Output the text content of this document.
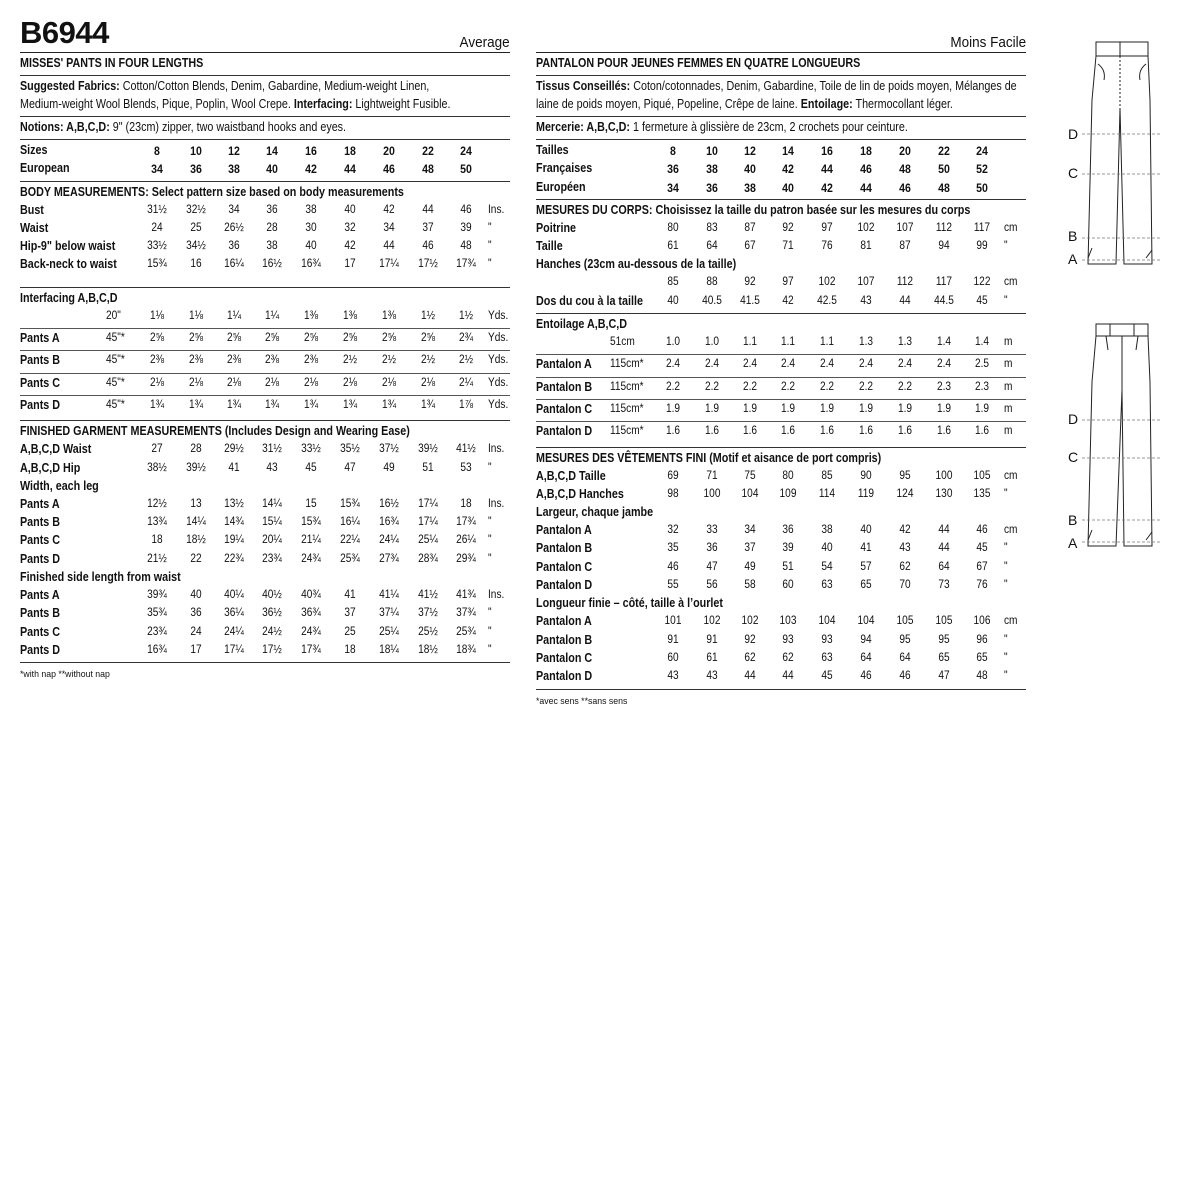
B6944	Average
MISSES' PANTS IN FOUR LENGTHS
Suggested Fabrics: Cotton/Cotton Blends, Denim, Gabardine, Medium-weight Linen,
Medium-weight Wool Blends, Pique, Poplin, Wool Crepe. Interfacing: Lightweight Fusible.
Notions: A,B,C,D: 9" (23cm) zipper, two waistband hooks and eyes.
Sizes	8	10	12	14	16	18	20	22	24
European	34	36	38	40	42	44	46	48	50
BODY MEASUREMENTS: Select pattern size based on body measurements
Bust	31½	32½	34	36	38	40	42	44	46	Ins.
Waist	24	25	26½	28	30	32	34	37	39	"
Hip-9" below waist	33½	34½	36	38	40	42	44	46	48	"
Back-neck to waist	15¾	16	16¼	16½	16¾	17	17¼	17½	17¾	"
Interfacing A,B,C,D
20"	1⅛	1⅛	1¼	1¼	1⅜	1⅜	1⅜	1½	1½	Yds.
Pants A	45"*	2⅝	2⅝	2⅝	2⅝	2⅝	2⅝	2⅝	2⅝	2¾	Yds.
Pants B	45"*	2⅜	2⅜	2⅜	2⅜	2⅜	2½	2½	2½	2½	Yds.
Pants C	45"*	2⅛	2⅛	2⅛	2⅛	2⅛	2⅛	2⅛	2⅛	2¼	Yds.
Pants D	45"*	1¾	1¾	1¾	1¾	1¾	1¾	1¾	1¾	1⅞	Yds.
FINISHED GARMENT MEASUREMENTS (Includes Design and Wearing Ease)
A,B,C,D Waist	27	28	29½	31½	33½	35½	37½	39½	41½	Ins.
A,B,C,D Hip	38½	39½	41	43	45	47	49	51	53	"
Width, each leg
Pants A	12½	13	13½	14¼	15	15¾	16½	17¼	18	Ins.
Pants B	13¾	14¼	14¾	15¼	15¾	16¼	16¾	17¼	17¾	"
Pants C	18	18½	19¼	20¼	21¼	22¼	24¼	25¼	26¼	"
Pants D	21½	22	22¾	23¾	24¾	25¾	27¾	28¾	29¾	"
Finished side length from waist
Pants A	39¾	40	40¼	40½	40¾	41	41¼	41½	41¾	Ins.
Pants B	35¾	36	36¼	36½	36¾	37	37¼	37½	37¾	"
Pants C	23¾	24	24¼	24½	24¾	25	25¼	25½	25¾	"
Pants D	16¾	17	17¼	17½	17¾	18	18¼	18½	18¾	"
*with nap **without nap
Moins Facile
PANTALON POUR JEUNES FEMMES EN QUATRE LONGUEURS
Tissus Conseillés: Coton/cotonnades, Denim, Gabardine, Toile de lin de poids moyen, Mélanges de
laine de poids moyen, Piqué, Popeline, Crêpe de laine. Entoilage: Thermocollant léger.
Mercerie: A,B,C,D: 1 fermeture à glissière de 23cm, 2 crochets pour ceinture.
Tailles	8	10	12	14	16	18	20	22	24
Françaises	36	38	40	42	44	46	48	50	52
Européen	34	36	38	40	42	44	46	48	50
MESURES DU CORPS: Choisissez la taille du patron basée sur les mesures du corps
Poitrine	80	83	87	92	97	102	107	112	117	cm
Taille	61	64	67	71	76	81	87	94	99	"
Hanches (23cm au-dessous de la taille)
85	88	92	97	102	107	112	117	122	cm
Dos du cou à la taille	40	40.5	41.5	42	42.5	43	44	44.5	45	"
Entoilage A,B,C,D
51cm	1.0	1.0	1.1	1.1	1.1	1.3	1.3	1.4	1.4	m
Pantalon A 115cm*	2.4	2.4	2.4	2.4	2.4	2.4	2.4	2.4	2.5	m
Pantalon B 115cm*	2.2	2.2	2.2	2.2	2.2	2.2	2.2	2.3	2.3	m
Pantalon C 115cm*	1.9	1.9	1.9	1.9	1.9	1.9	1.9	1.9	1.9	m
Pantalon D 115cm*	1.6	1.6	1.6	1.6	1.6	1.6	1.6	1.6	1.6	m
MESURES DES VÊTEMENTS FINI (Motif et aisance de port compris)
A,B,C,D Taille	69	71	75	80	85	90	95	100	105	cm
A,B,C,D Hanches	98	100	104	109	114	119	124	130	135	"
Largeur, chaque jambe
Pantalon A	32	33	34	36	38	40	42	44	46	cm
Pantalon B	35	36	37	39	40	41	43	44	45	"
Pantalon C	46	47	49	51	54	57	62	64	67	"
Pantalon D	55	56	58	60	63	65	70	73	76	"
Longueur finie – côté, taille à l’ourlet
Pantalon A	101	102	102	103	104	104	105	105	106	cm
Pantalon B	91	91	92	93	93	94	95	95	96	"
Pantalon C	60	61	62	62	63	64	64	65	65	"
Pantalon D	43	43	44	44	45	46	46	47	48	"
*avec sens **sans sens
D
C
B
A
D
C
B
A
